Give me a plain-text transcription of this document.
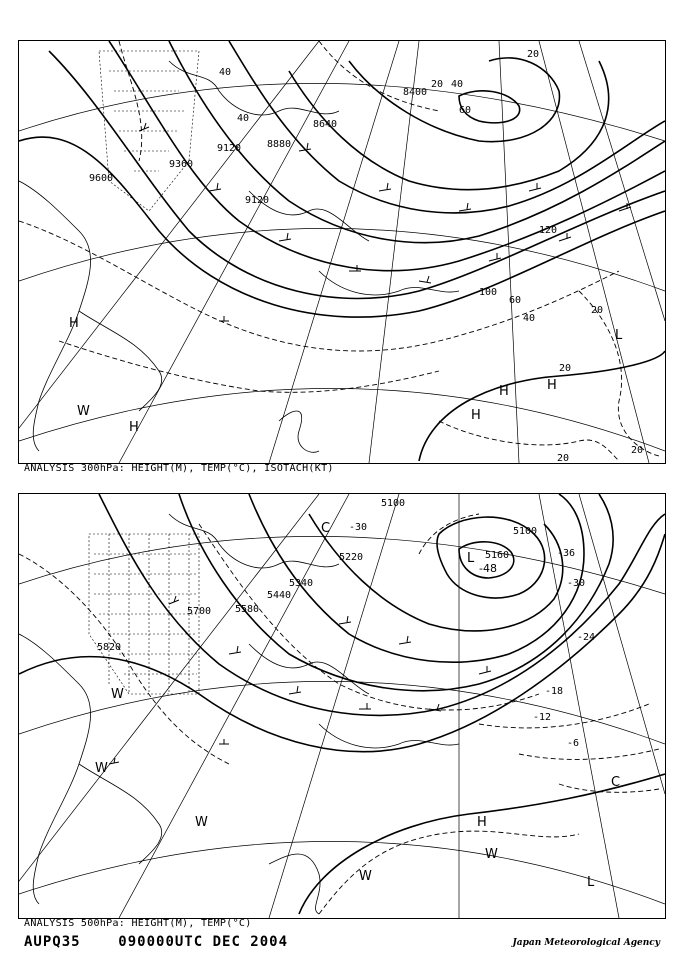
9600
9120	8880
8640
8400
9360
9120
40
40
20
20 40
60
100
120
40
60
20
20
20
20
L
H	H
H
W
H
H
ANALYSIS 300hPa: HEIGHT(M), TEMP(°C), ISOTACH(KT)
5100
5100
5220
5340
5440
5580
5700
5820
5160
-48
-36
-30
-24
-18
-12
-6
-30
L
C
W
W
W
H
W
L
C
W
ANALYSIS 500hPa: HEIGHT(M), TEMP(°C)
AUPQ35	090000UTC DEC 2004	Japan Meteorological Agency
